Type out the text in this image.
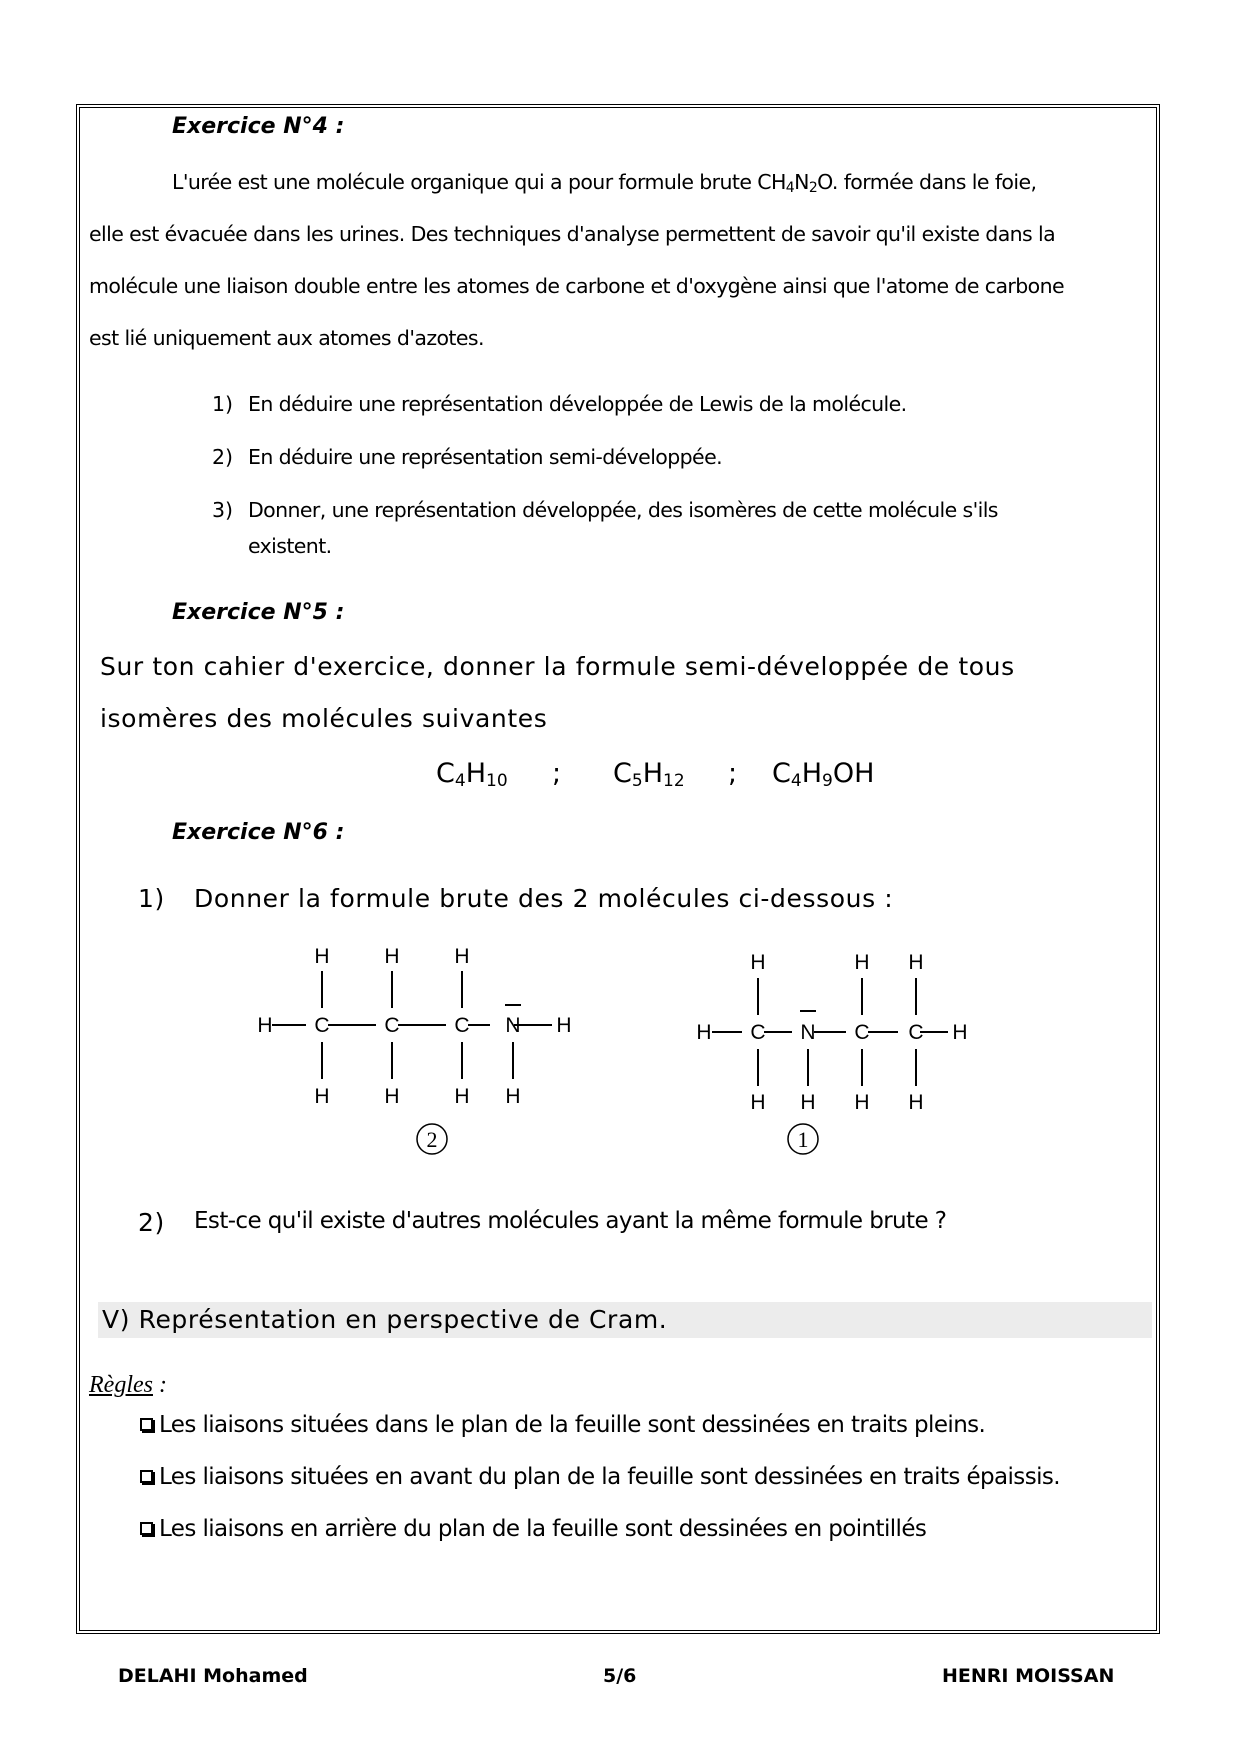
Exercice N°4 :
L'urée est une molécule organique qui a pour formule brute CH4N2O. formée dans le foie,
elle est évacuée dans les urines. Des techniques d'analyse permettent de savoir qu'il existe dans la
molécule une liaison double entre les atomes de carbone et d'oxygène ainsi que l'atome de carbone
est lié uniquement aux atomes d'azotes.
1) En déduire une représentation développée de Lewis de la molécule.
2) En déduire une représentation semi-développée.
3) Donner, une représentation développée, des isomères de cette molécule s'ils
existent.
Exercice N°5 :
Sur ton cahier d'exercice, donner la formule semi-développée de tous
isomères des molécules suivantes
$C_4H_{10}$ ; $C_5H_{12}$ ; $C_4H_9OH$
Exercice N°6 :
1) Donner la formule brute des 2 molécules ci-dessous :
H C	C	C N H
H	H	H
H	H	H H
2
H C N C C H
H	H H
H H H H
1
2) Est-ce qu'il existe d'autres molécules ayant la même formule brute ?
V) Représentation en perspective de Cram.
Règles :
Les liaisons situées dans le plan de la feuille sont dessinées en traits pleins.
Les liaisons situées en avant du plan de la feuille sont dessinées en traits épaissis.
Les liaisons en arrière du plan de la feuille sont dessinées en pointillés
DELAHI Mohamed	5/6	HENRI MOISSAN
